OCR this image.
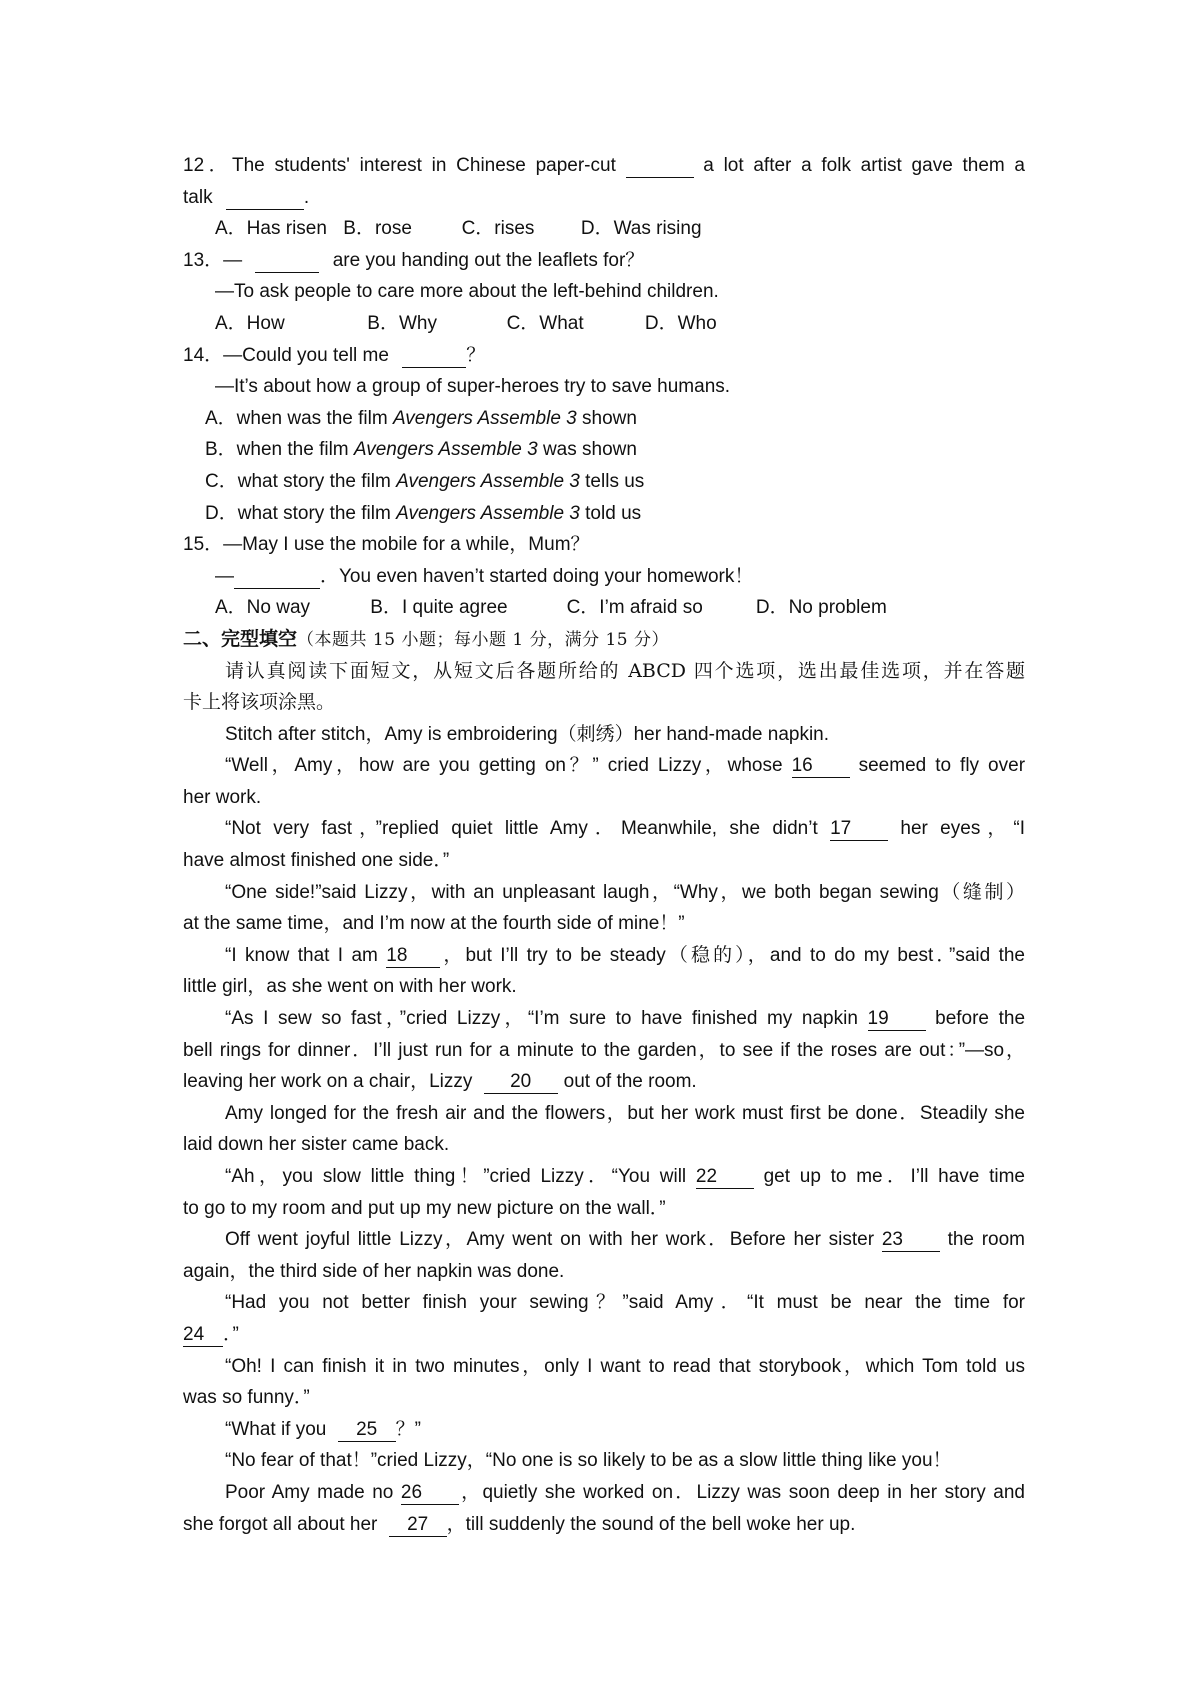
12．The students' interest in Chinese paper-cut	a lot after a folk artist gave them a
talk	.
A．Has risen B．rose	C．rises D．Was rising
13．—	are you handing out the leaflets for？
—To ask people to care more about the left-behind children.
A．How	B．Why	C．What	D．Who
14．—Could you tell me	？
—It’s about how a group of super-heroes try to save humans.
A．when was the film Avengers Assemble 3 shown
B．when the film Avengers Assemble 3 was shown
C．what story the film Avengers Assemble 3 tells us
D．what story the film Avengers Assemble 3 told us
15．—May I use the mobile for a while，Mum？
—	．You even haven’t started doing your homework！
A．No way	B．I quite agree	C．I’m afraid so	D．No problem
二、完型填空（本题共 15 小题；每小题 1 分，满分 15 分）
请认真阅读下面短文，从短文后各题所给的 ABCD 四个选项，选出最佳选项，并在答题
卡上将该项涂黑。
Stitch after stitch，Amy is embroidering（刺绣）her hand-made napkin.
“Well，Amy，how are you getting on？” cried Lizzy，whose 16 seemed to fly over
her work.
“Not very fast，”replied quiet little Amy．Meanwhile, she didn’t 17	her eyes，“I
have almost finished one side．”
“One side!”said Lizzy，with an unpleasant laugh，“Why，we both began sewing（缝制）
at the same time，and I’m now at the fourth side of mine！”
“I know that I am 18 ，but I’ll try to be steady（稳的），and to do my best．”said the
little girl，as she went on with her work.
“As I sew so fast，”cried Lizzy，“I’m sure to have finished my napkin 19 before the
bell rings for dinner．I’ll just run for a minute to the garden，to see if the roses are out：”—so，
leaving her work on a chair，Lizzy 20 out of the room.
Amy longed for the fresh air and the flowers，but her work must first be done．Steadily she
laid down her sister came back.
“Ah，you slow little thing！”cried Lizzy．“You will 22 get up to me．I’ll have time
to go to my room and put up my new picture on the wall．”
Off went joyful little Lizzy，Amy went on with her work．Before her sister 23 the room
again，the third side of her napkin was done.
“Had you not better finish your sewing？”said Amy．“It must be near the time for
24 ．”
“Oh! I can finish it in two minutes，only I want to read that storybook，which Tom told us
was so funny．”
“What if you 25 ？”
“No fear of that！”cried Lizzy，“No one is so likely to be as a slow little thing like you！
Poor Amy made no 26 ，quietly she worked on．Lizzy was soon deep in her story and
she forgot all about her 27 ，till suddenly the sound of the bell woke her up.
